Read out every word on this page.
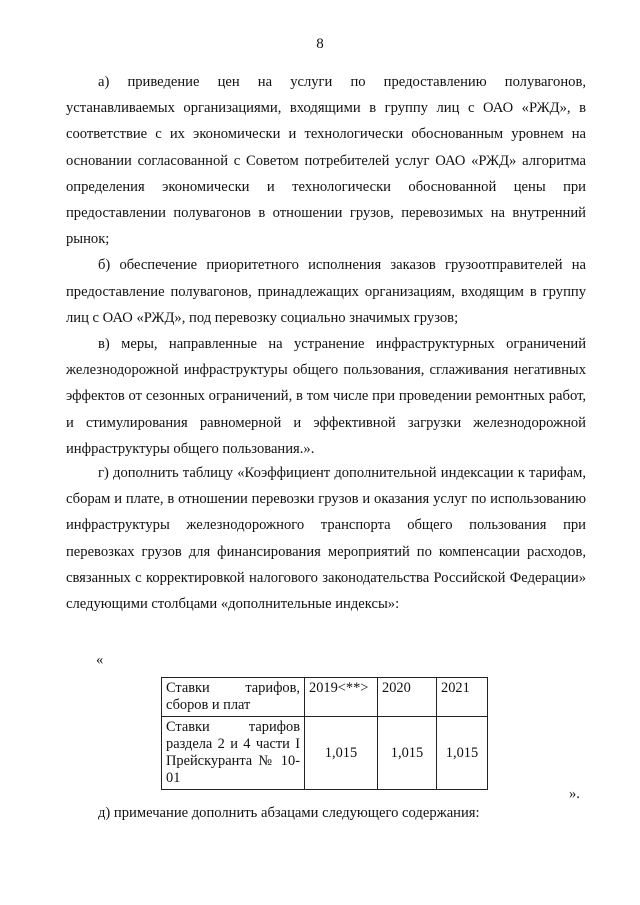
8

а) приведение цен на услуги по предоставлению полувагонов, устанавливаемых организациями, входящими в группу лиц с ОАО «РЖД», в соответствие с их экономически и технологически обоснованным уровнем на основании согласованной с Советом потребителей услуг ОАО «РЖД» алгоритма определения экономически и технологически обоснованной цены при предоставлении полувагонов в отношении грузов, перевозимых на внутренний рынок;

б) обеспечение приоритетного исполнения заказов грузоотправителей на предоставление полувагонов, принадлежащих организациям, входящим в группу лиц с ОАО «РЖД», под перевозку социально значимых грузов;

в) меры, направленные на устранение инфраструктурных ограничений железнодорожной инфраструктуры общего пользования, сглаживания негативных эффектов от сезонных ограничений, в том числе при проведении ремонтных работ, и стимулирования равномерной и эффективной загрузки железнодорожной инфраструктуры общего пользования.».

г) дополнить таблицу «Коэффициент дополнительной индексации к тарифам, сборам и плате, в отношении перевозки грузов и оказания услуг по использованию инфраструктуры железнодорожного транспорта общего пользования при перевозках грузов для финансирования мероприятий по компенсации расходов, связанных с корректировкой налогового законодательства Российской Федерации» следующими столбцами «дополнительные индексы»:

«
Ставки тарифов, сборов и плат	2019<**>	2020	2021
Ставки тарифов раздела 2 и 4 части I Прейскуранта № 10-01	1,015	1,015	1,015
».
д) примечание дополнить абзацами следующего содержания:
